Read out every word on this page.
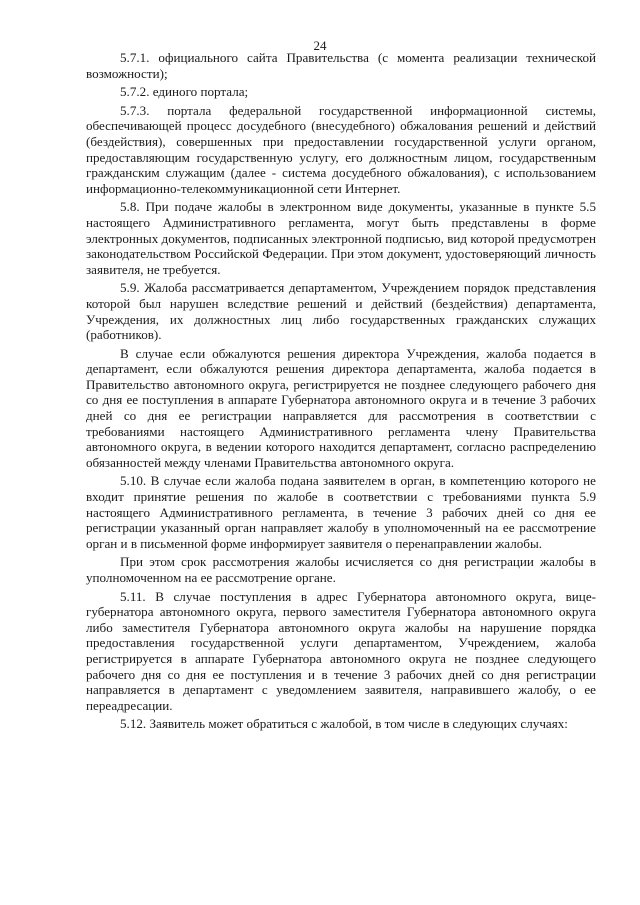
24

5.7.1. официального сайта Правительства (с момента реализации технической возможности);

5.7.2. единого портала;

5.7.3. портала федеральной государственной информационной системы, обеспечивающей процесс досудебного (внесудебного) обжалования решений и действий (бездействия), совершенных при предоставлении государственной услуги органом, предоставляющим государственную услугу, его должностным лицом, государственным гражданским служащим (далее - система досудебного обжалования), с использованием информационно-телекоммуникационной сети Интернет.

5.8. При подаче жалобы в электронном виде документы, указанные в пункте 5.5 настоящего Административного регламента, могут быть представлены в форме электронных документов, подписанных электронной подписью, вид которой предусмотрен законодательством Российской Федерации. При этом документ, удостоверяющий личность заявителя, не требуется.

5.9. Жалоба рассматривается департаментом, Учреждением порядок представления которой был нарушен вследствие решений и действий (бездействия) департамента, Учреждения, их должностных лиц либо государственных гражданских служащих (работников).

В случае если обжалуются решения директора Учреждения, жалоба подается в департамент, если обжалуются решения директора департамента, жалоба подается в Правительство автономного округа, регистрируется не позднее следующего рабочего дня со дня ее поступления в аппарате Губернатора автономного округа и в течение 3 рабочих дней со дня ее регистрации направляется для рассмотрения в соответствии с требованиями настоящего Административного регламента члену Правительства автономного округа, в ведении которого находится департамент, согласно распределению обязанностей между членами Правительства автономного округа.

5.10. В случае если жалоба подана заявителем в орган, в компетенцию которого не входит принятие решения по жалобе в соответствии с требованиями пункта 5.9 настоящего Административного регламента, в течение 3 рабочих дней со дня ее регистрации указанный орган направляет жалобу в уполномоченный на ее рассмотрение орган и в письменной форме информирует заявителя о перенаправлении жалобы.

При этом срок рассмотрения жалобы исчисляется со дня регистрации жалобы в уполномоченном на ее рассмотрение органе.

5.11. В случае поступления в адрес Губернатора автономного округа, вице-губернатора автономного округа, первого заместителя Губернатора автономного округа либо заместителя Губернатора автономного округа жалобы на нарушение порядка предоставления государственной услуги департаментом, Учреждением, жалоба регистрируется в аппарате Губернатора автономного округа не позднее следующего рабочего дня со дня ее поступления и в течение 3 рабочих дней со дня регистрации направляется в департамент с уведомлением заявителя, направившего жалобу, о ее переадресации.

5.12. Заявитель может обратиться с жалобой, в том числе в следующих случаях:
